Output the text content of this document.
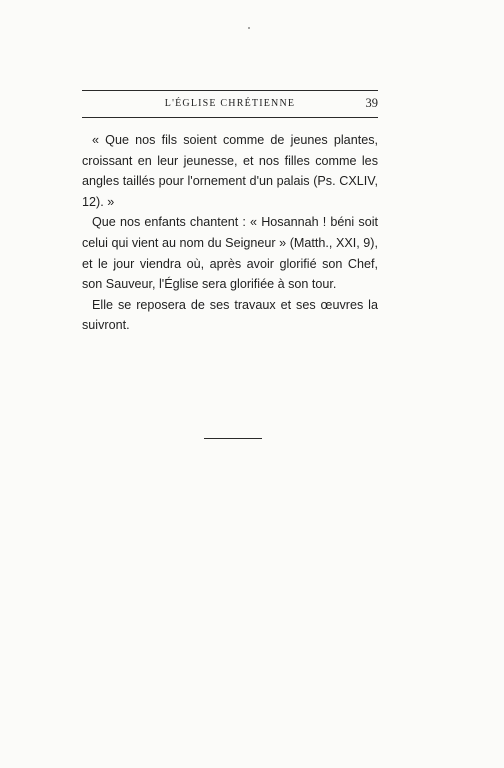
L'ÉGLISE CHRÉTIENNE	39

« Que nos fils soient comme de jeunes plantes, croissant en leur jeunesse, et nos filles comme les angles taillés pour l'ornement d'un palais (Ps. CXLIV, 12). »

Que nos enfants chantent : « Hosannah ! béni soit celui qui vient au nom du Seigneur » (Matth., XXI, 9), et le jour viendra où, après avoir glorifié son Chef, son Sauveur, l'Église sera glorifiée à son tour.

Elle se reposera de ses travaux et ses œuvres la suivront.
